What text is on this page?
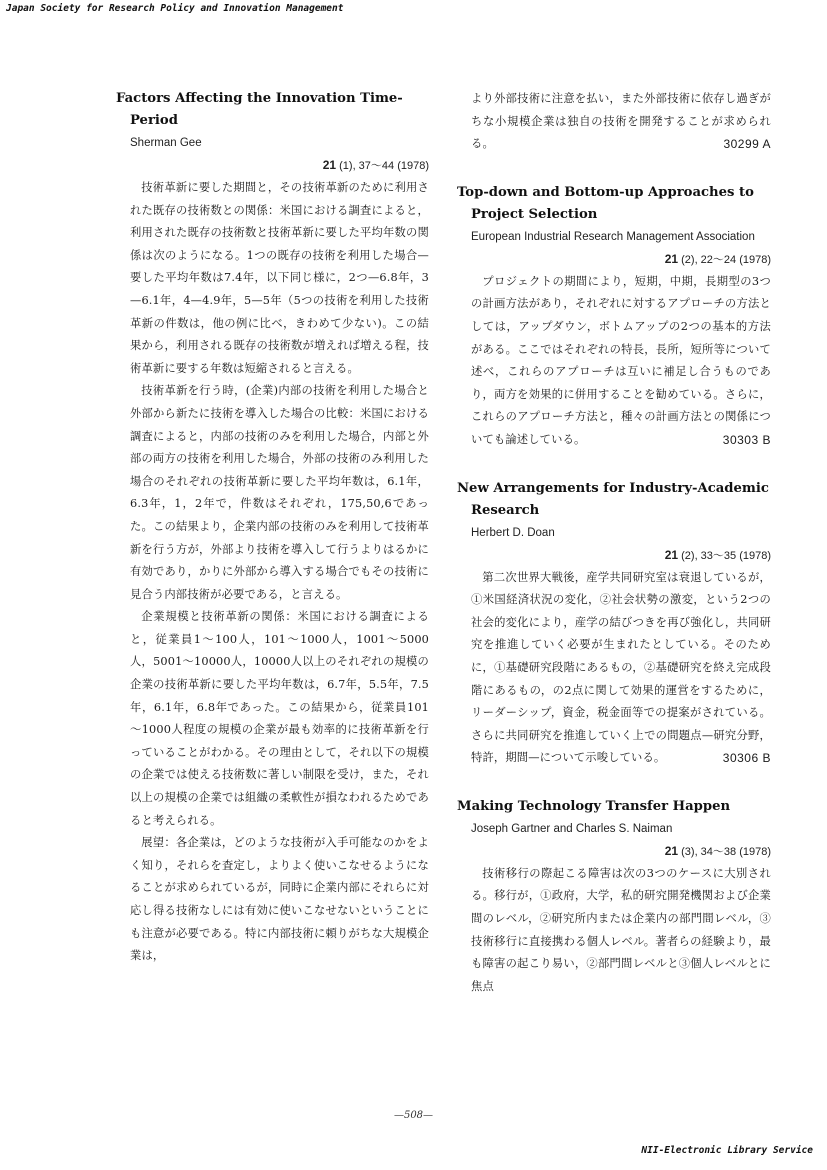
Japan Society for Research Policy and Innovation Management
Factors Affecting the Innovation Time-Period
Sherman Gee
21 (1), 37～44 (1978)

技術革新に要した期間と，その技術革新のために利用された既存の技術数との関係：米国における調査によると，利用された既存の技術数と技術革新に要した平均年数の関係は次のようになる。1つの既存の技術を利用した場合—要した平均年数は7.4年，以下同じ様に，2つ—6.8年，3—6.1年，4—4.9年，5—5年（5つの技術を利用した技術革新の件数は，他の例に比べ，きわめて少ない)。この結果から，利用される既存の技術数が増えれば増える程，技術革新に要する年数は短縮されると言える。

技術革新を行う時，(企業)内部の技術を利用した場合と外部から新たに技術を導入した場合の比較：米国における調査によると，内部の技術のみを利用した場合，内部と外部の両方の技術を利用した場合，外部の技術のみ利用した場合のそれぞれの技術革新に要した平均年数は，6.1年，6.3年，1，2年で，件数はそれぞれ，175,50,6であった。この結果より，企業内部の技術のみを利用して技術革新を行う方が，外部より技術を導入して行うよりはるかに有効であり，かりに外部から導入する場合でもその技術に見合う内部技術が必要である，と言える。

企業規模と技術革新の関係：米国における調査によると，従業員1～100人，101～1000人，1001～5000人，5001～10000人，10000人以上のそれぞれの規模の企業の技術革新に要した平均年数は，6.7年，5.5年，7.5年，6.1年，6.8年であった。この結果から，従業員101～1000人程度の規模の企業が最も効率的に技術革新を行っていることがわかる。その理由として，それ以下の規模の企業では使える技術数に著しい制限を受け，また，それ以上の規模の企業では組織の柔軟性が損なわれるためであると考えられる。

展望：各企業は，どのような技術が入手可能なのかをよく知り，それらを査定し，よりよく使いこなせるようになることが求められているが，同時に企業内部にそれらに対応し得る技術なしには有効に使いこなせないということにも注意が必要である。特に内部技術に頼りがちな大規模企業は，

より外部技術に注意を払い，また外部技術に依存し過ぎがちな小規模企業は独自の技術を開発することが求められる。	30299 A

Top-down and Bottom-up Approaches to Project Selection
European Industrial Research Management Association
21 (2), 22～24 (1978)

プロジェクトの期間により，短期，中期，長期型の3つの計画方法があり，それぞれに対するアプローチの方法としては，アップダウン，ボトムアップの2つの基本的方法がある。ここではそれぞれの特長，長所，短所等について述べ，これらのアプローチは互いに補足し合うものであり，両方を効果的に併用することを勧めている。さらに，これらのアプローチ方法と，種々の計画方法との関係についても論述している。	30303 B

New Arrangements for Industry-Academic Research
Herbert D. Doan
21 (2), 33～35 (1978)

第二次世界大戦後，産学共同研究室は衰退しているが，①米国経済状況の変化，②社会状勢の激変，という2つの社会的変化により，産学の結びつきを再び強化し，共同研究を推進していく必要が生まれたとしている。そのために，①基礎研究段階にあるもの，②基礎研究を終え完成段階にあるもの，の2点に関して効果的運営をするために，リーダーシップ，資金，税金面等での提案がされている。さらに共同研究を推進していく上での問題点—研究分野，特許，期間—について示唆している。	30306 B

Making Technology Transfer Happen
Joseph Gartner and Charles S. Naiman
21 (3), 34～38 (1978)

技術移行の際起こる障害は次の3つのケースに大別される。移行が，①政府，大学，私的研究開発機関および企業間のレベル，②研究所内または企業内の部門間レベル，③技術移行に直接携わる個人レベル。著者らの経験より，最も障害の起こり易い，②部門間レベルと③個人レベルとに焦点

—508—
NII-Electronic Library Service
